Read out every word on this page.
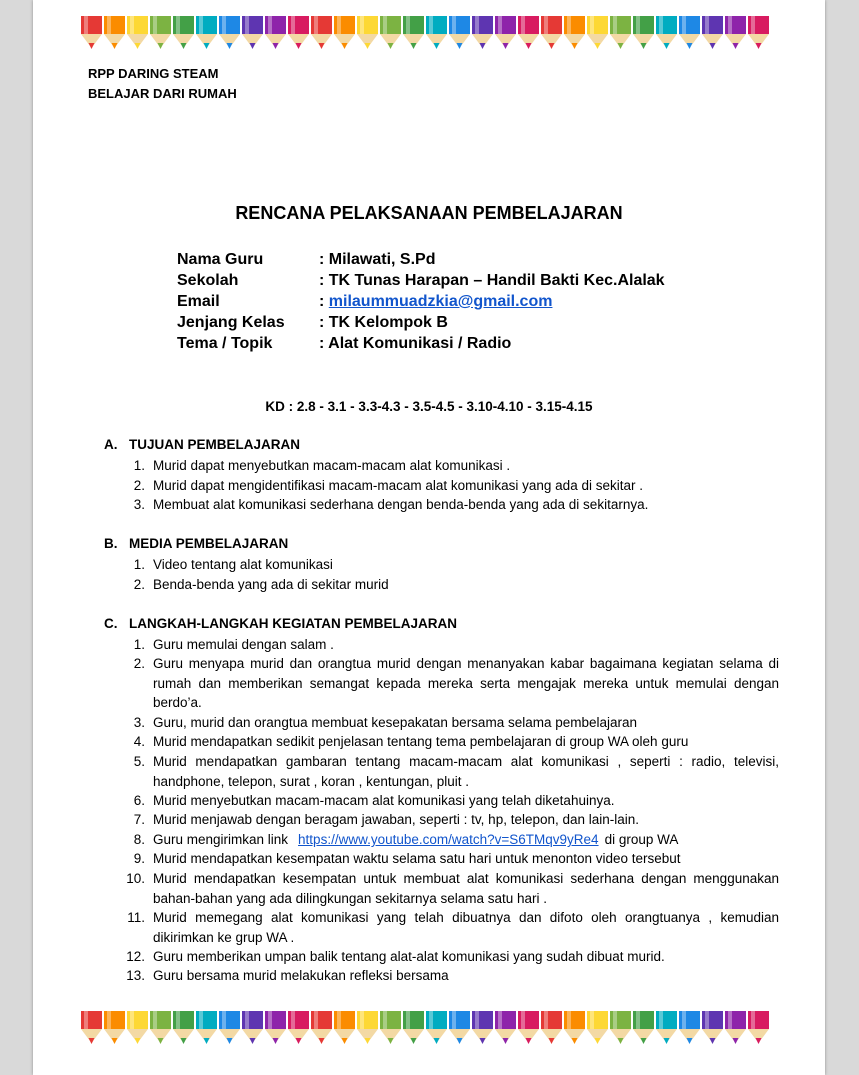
RPP DARING STEAM
BELAJAR DARI RUMAH
RENCANA PELAKSANAAN PEMBELAJARAN
Nama Guru	: Milawati, S.Pd
Sekolah	: TK Tunas Harapan – Handil Bakti Kec.Alalak
Email	: milaummuadzkia@gmail.com
Jenjang Kelas : TK Kelompok B
Tema / Topik	: Alat Komunikasi / Radio
KD : 2.8 - 3.1 - 3.3-4.3 - 3.5-4.5 - 3.10-4.10 - 3.15-4.15
A. TUJUAN PEMBELAJARAN
1. Murid dapat menyebutkan macam-macam alat komunikasi .
2. Murid dapat mengidentifikasi macam-macam alat komunikasi yang ada di sekitar .
3. Membuat alat komunikasi sederhana dengan benda-benda yang ada di sekitarnya.
B. MEDIA PEMBELAJARAN
1. Video tentang alat komunikasi
2. Benda-benda yang ada di sekitar murid
C. LANGKAH-LANGKAH KEGIATAN PEMBELAJARAN
1. Guru memulai dengan salam .
2. Guru menyapa murid dan orangtua murid dengan menanyakan kabar bagaimana kegiatan selama di rumah dan memberikan semangat kepada mereka serta mengajak mereka untuk memulai dengan berdo’a.
3. Guru, murid dan orangtua membuat kesepakatan bersama selama pembelajaran
4. Murid mendapatkan sedikit penjelasan tentang tema pembelajaran di group WA oleh guru
5. Murid mendapatkan gambaran tentang macam-macam alat komunikasi , seperti : radio, televisi, handphone, telepon, surat , koran , kentungan, pluit .
6. Murid menyebutkan macam-macam alat komunikasi yang telah diketahuinya.
7. Murid menjawab dengan beragam jawaban, seperti : tv, hp, telepon, dan lain-lain.
8. Guru mengirimkan link https://www.youtube.com/watch?v=S6TMqv9yRe4 di group WA
9. Murid mendapatkan kesempatan waktu selama satu hari untuk menonton video tersebut
10. Murid mendapatkan kesempatan untuk membuat alat komunikasi sederhana dengan menggunakan bahan-bahan yang ada dilingkungan sekitarnya selama satu hari .
11. Murid memegang alat komunikasi yang telah dibuatnya dan difoto oleh orangtuanya , kemudian dikirimkan ke grup WA .
12. Guru memberikan umpan balik tentang alat-alat komunikasi yang sudah dibuat murid.
13. Guru bersama murid melakukan refleksi bersama
